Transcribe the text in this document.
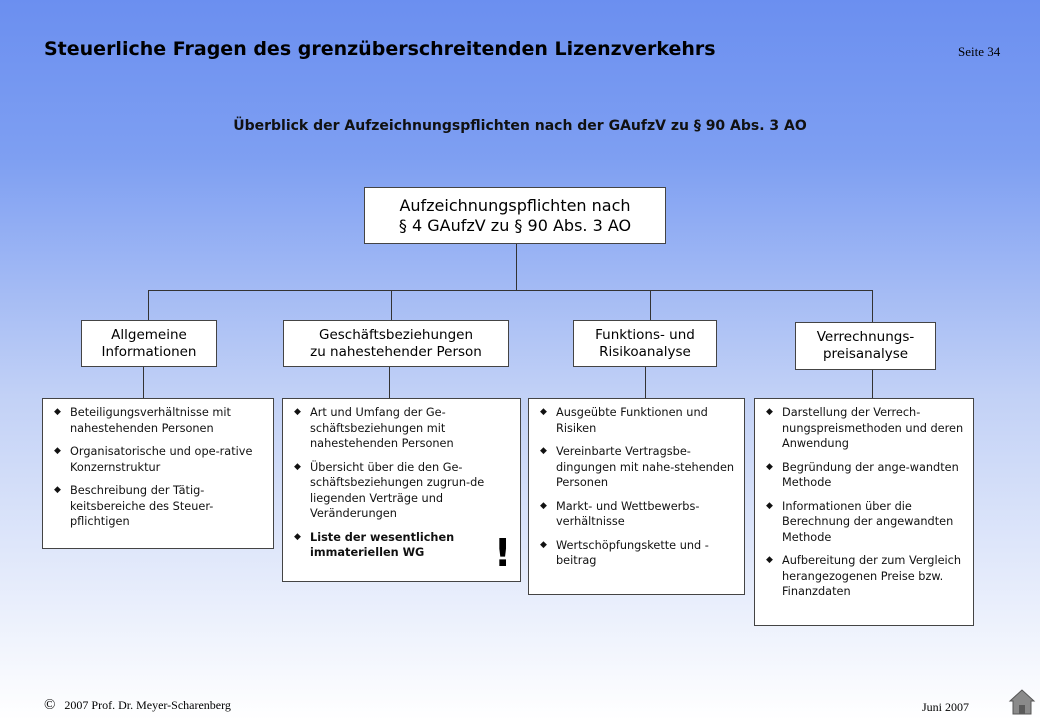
Steuerliche Fragen des grenzüberschreitenden Lizenzverkehrs	Seite 34
Überblick der Aufzeichnungspflichten nach der GAufzV zu § 90 Abs. 3 AO
Aufzeichnungspflichten nach
§ 4 GAufzV zu § 90 Abs. 3 AO
Allgemeine
Informationen
Geschäftsbeziehungen
zu nahestehender Person
Funktions- und
Risikoanalyse
Verrechnungs-
preisanalyse
◆ Beteiligungsverhältnisse mit nahestehenden Personen
◆ Organisatorische und ope-rative Konzernstruktur
◆ Beschreibung der Tätig-keitsbereiche des Steuer-pflichtigen
◆ Art und Umfang der Ge-schäftsbeziehungen mit nahestehenden Personen
◆ Übersicht über die den Ge-schäftsbeziehungen zugrun-de liegenden Verträge und Veränderungen
◆ Liste der wesentlichen immateriellen WG	!
◆ Ausgeübte Funktionen und Risiken
◆ Vereinbarte Vertragsbe-dingungen mit nahe-stehenden Personen
◆ Markt- und Wettbewerbs-verhältnisse
◆ Wertschöpfungskette und -beitrag
◆ Darstellung der Verrech-nungspreismethoden und deren Anwendung
◆ Begründung der ange-wandten Methode
◆ Informationen über die Berechnung der angewandten Methode
◆ Aufbereitung der zum Vergleich herangezogenen Preise bzw. Finanzdaten
© 2007 Prof. Dr. Meyer-Scharenberg	Juni 2007
